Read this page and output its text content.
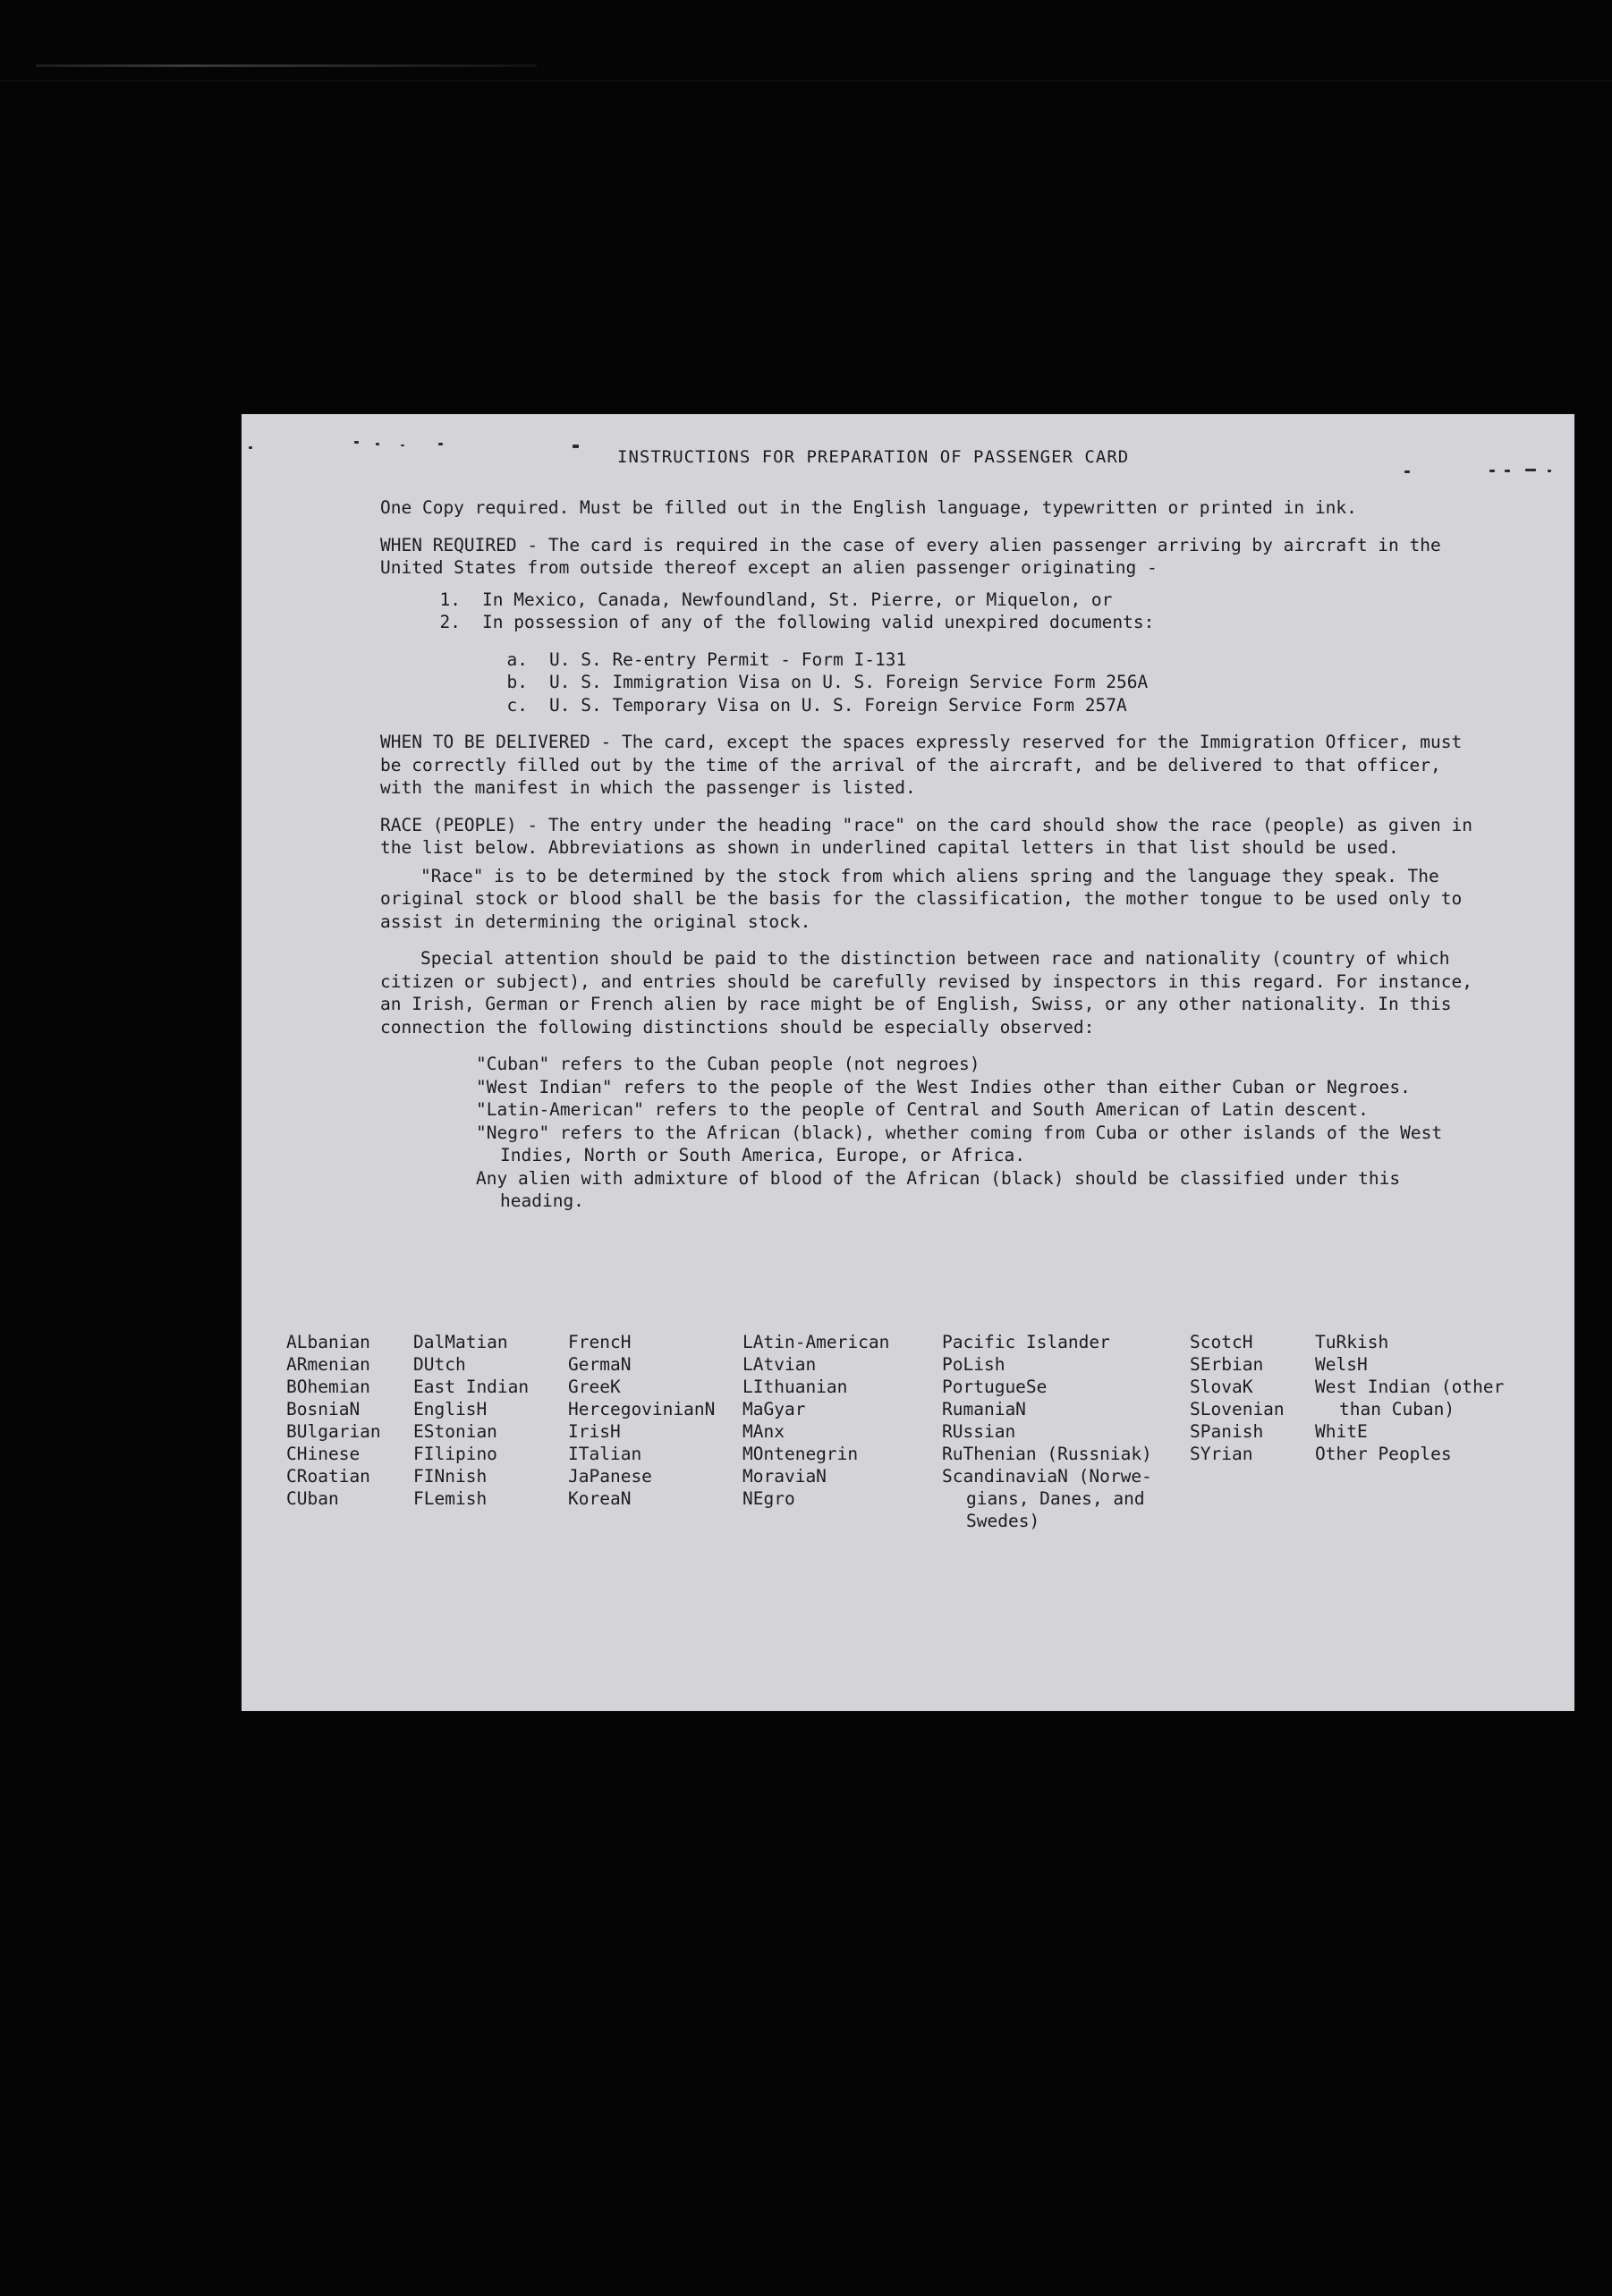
INSTRUCTIONS FOR PREPARATION OF PASSENGER CARD

One Copy required. Must be filled out in the English language, typewritten or printed in ink.

WHEN REQUIRED - The card is required in the case of every alien passenger arriving by aircraft in the United States from outside thereof except an alien passenger originating -

1. In Mexico, Canada, Newfoundland, St. Pierre, or Miquelon, or
2. In possession of any of the following valid unexpired documents:
a. U. S. Re-entry Permit - Form I-131
b. U. S. Immigration Visa on U. S. Foreign Service Form 256A
c. U. S. Temporary Visa on U. S. Foreign Service Form 257A

WHEN TO BE DELIVERED - The card, except the spaces expressly reserved for the Immigration Officer, must be correctly filled out by the time of the arrival of the aircraft, and be delivered to that officer, with the manifest in which the passenger is listed.

RACE (PEOPLE) - The entry under the heading "race" on the card should show the race (people) as given in the list below. Abbreviations as shown in underlined capital letters in that list should be used.

"Race" is to be determined by the stock from which aliens spring and the language they speak. The original stock or blood shall be the basis for the classification, the mother tongue to be used only to assist in determining the original stock.

Special attention should be paid to the distinction between race and nationality (country of which citizen or subject), and entries should be carefully revised by inspectors in this regard. For instance, an Irish, German or French alien by race might be of English, Swiss, or any other nationality. In this connection the following distinctions should be especially observed:

"Cuban" refers to the Cuban people (not negroes)
"West Indian" refers to the people of the West Indies other than either Cuban or Negroes.
"Latin-American" refers to the people of Central and South American of Latin descent.
"Negro" refers to the African (black), whether coming from Cuba or other islands of the West Indies, North or South America, Europe, or Africa.
Any alien with admixture of blood of the African (black) should be classified under this heading.
ALbanian
ARmenian
BOhemian
BosniaN
BUlgarian
CHinese
CRoatian
CUban
DalMatian
DUtch
East Indian
EnglisH
EStonian
FIlipino
FINnish
FLemish
FrencH
GermaN
GreeK
HercegovinianN
IrisH
ITalian
JaPanese
KoreaN
LAtin-American
LAtvian
LIthuanian
MaGyar
MAnx
MOntenegrin
MoraviaN
NEgro
Pacific Islander
PoLish
PortugueSe
RumaniaN
RUssian
RuThenian (Russniak)
ScandinaviaN (Norwe-
gians, Danes, and
Swedes)
ScotcH
SErbian
SlovaK
SLovenian
SPanish
SYrian
TuRkish
WelsH
West Indian (other
than Cuban)
WhitE
Other Peoples
